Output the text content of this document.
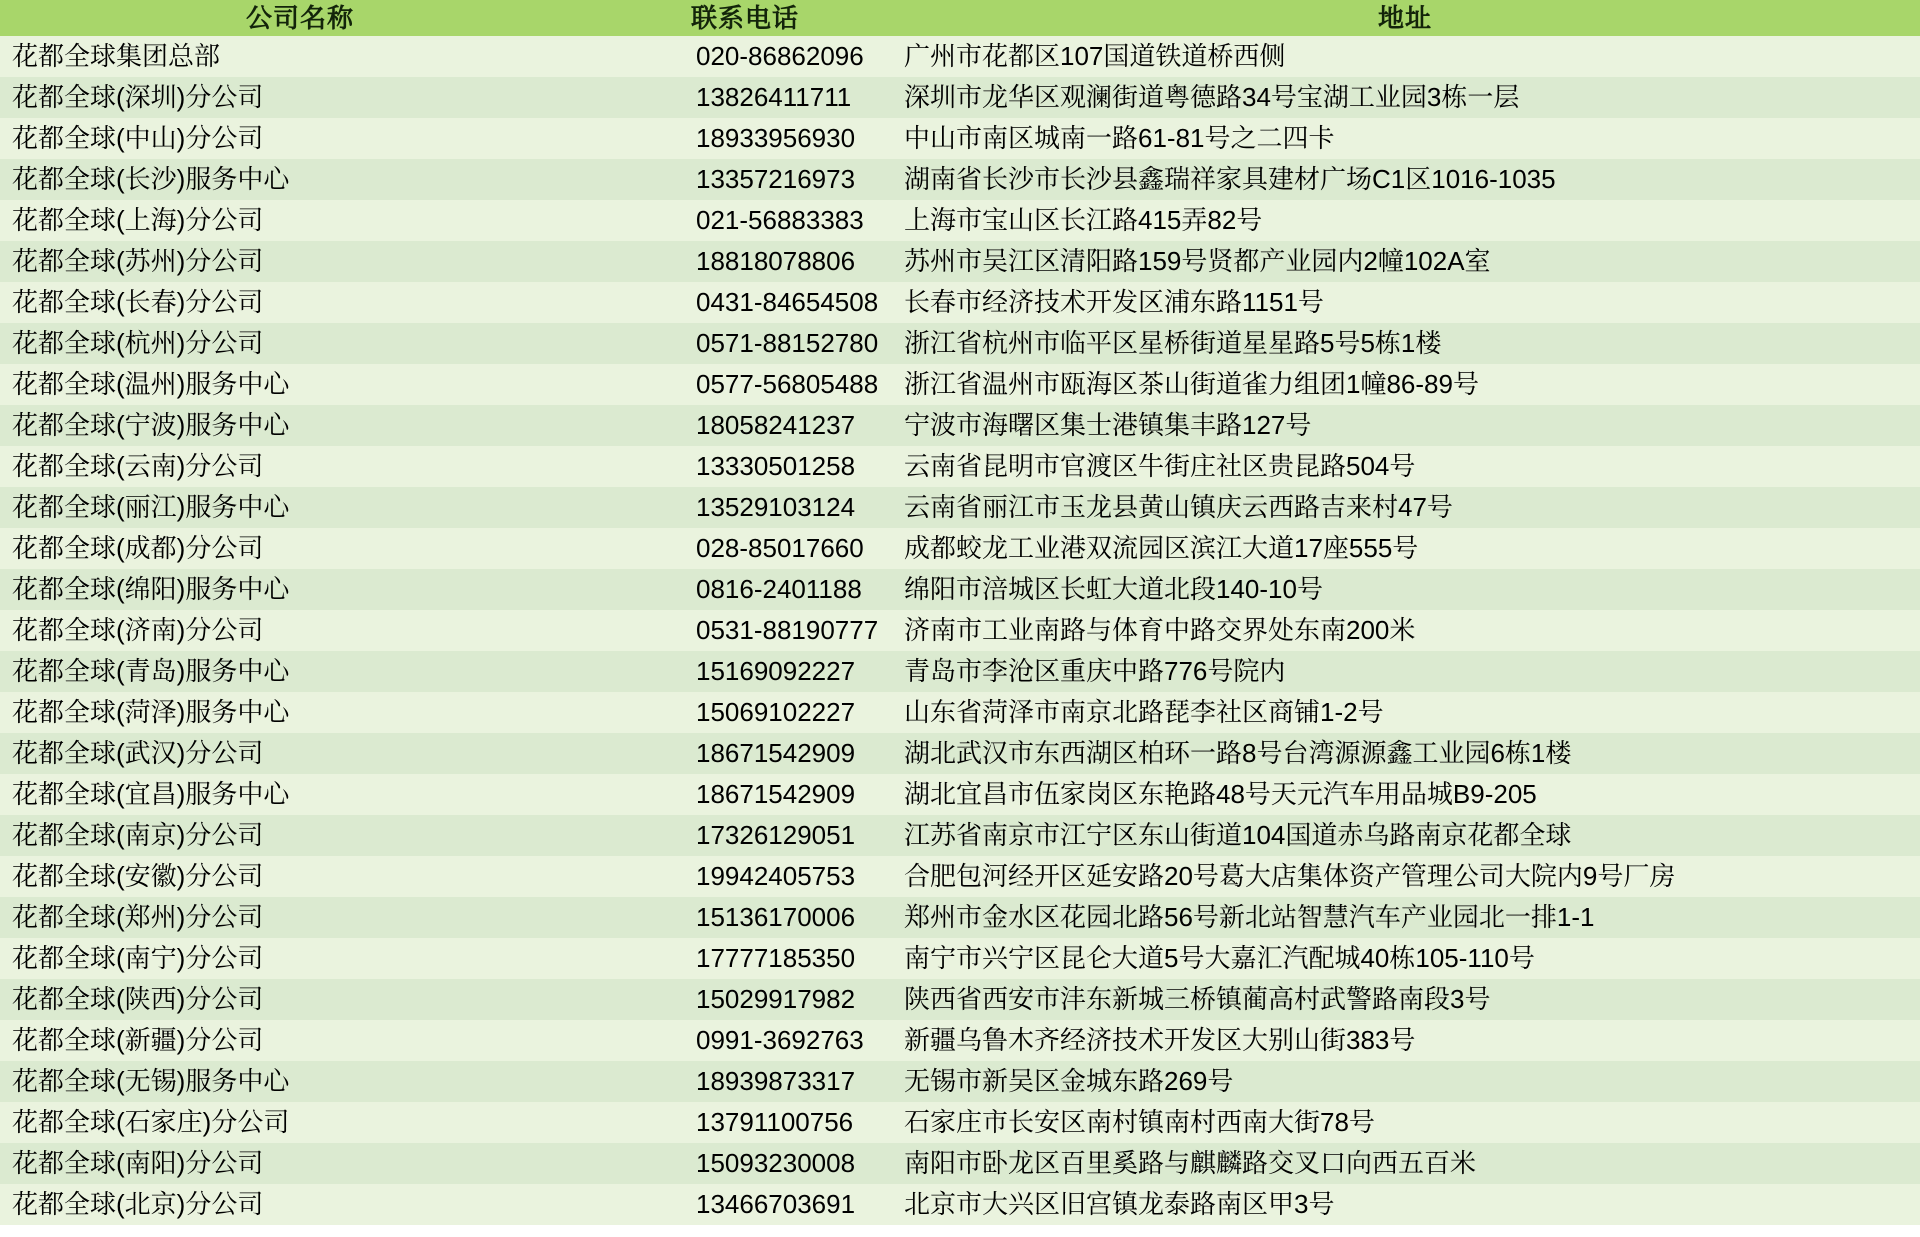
公司名称	联系电话	地址

花都全球集团总部	020-86862096	广州市花都区107国道铁道桥西侧

花都全球(深圳)分公司	13826411711	深圳市龙华区观澜街道粤德路34号宝湖工业园3栋一层

花都全球(中山)分公司	18933956930	中山市南区城南一路61-81号之二四卡

花都全球(长沙)服务中心	13357216973	湖南省长沙市长沙县鑫瑞祥家具建材广场C1区1016-1035

花都全球(上海)分公司	021-56883383	上海市宝山区长江路415弄82号

花都全球(苏州)分公司	18818078806	苏州市吴江区清阳路159号贤都产业园内2幢102A室

花都全球(长春)分公司	0431-84654508	长春市经济技术开发区浦东路1151号

花都全球(杭州)分公司	0571-88152780	浙江省杭州市临平区星桥街道星星路5号5栋1楼

花都全球(温州)服务中心	0577-56805488	浙江省温州市瓯海区茶山街道雀力组团1幢86-89号

花都全球(宁波)服务中心	18058241237	宁波市海曙区集士港镇集丰路127号

花都全球(云南)分公司	13330501258	云南省昆明市官渡区牛街庄社区贵昆路504号

花都全球(丽江)服务中心	13529103124	云南省丽江市玉龙县黄山镇庆云西路吉来村47号

花都全球(成都)分公司	028-85017660	成都蛟龙工业港双流园区滨江大道17座555号

花都全球(绵阳)服务中心	0816-2401188	绵阳市涪城区长虹大道北段140-10号

花都全球(济南)分公司	0531-88190777	济南市工业南路与体育中路交界处东南200米

花都全球(青岛)服务中心	15169092227	青岛市李沧区重庆中路776号院内

花都全球(菏泽)服务中心	15069102227	山东省菏泽市南京北路琵李社区商铺1-2号

花都全球(武汉)分公司	18671542909	湖北武汉市东西湖区柏环一路8号台湾源源鑫工业园6栋1楼

花都全球(宜昌)服务中心	18671542909	湖北宜昌市伍家岗区东艳路48号天元汽车用品城B9-205

花都全球(南京)分公司	17326129051	江苏省南京市江宁区东山街道104国道赤乌路南京花都全球

花都全球(安徽)分公司	19942405753	合肥包河经开区延安路20号葛大店集体资产管理公司大院内9号厂房

花都全球(郑州)分公司	15136170006	郑州市金水区花园北路56号新北站智慧汽车产业园北一排1-1

花都全球(南宁)分公司	17777185350	南宁市兴宁区昆仑大道5号大嘉汇汽配城40栋105-110号

花都全球(陕西)分公司	15029917982	陕西省西安市沣东新城三桥镇蔺高村武警路南段3号

花都全球(新疆)分公司	0991-3692763	新疆乌鲁木齐经济技术开发区大别山街383号

花都全球(无锡)服务中心	18939873317	无锡市新吴区金城东路269号

花都全球(石家庄)分公司	13791100756	石家庄市长安区南村镇南村西南大街78号

花都全球(南阳)分公司	15093230008	南阳市卧龙区百里奚路与麒麟路交叉口向西五百米

花都全球(北京)分公司	13466703691	北京市大兴区旧宫镇龙泰路南区甲3号
